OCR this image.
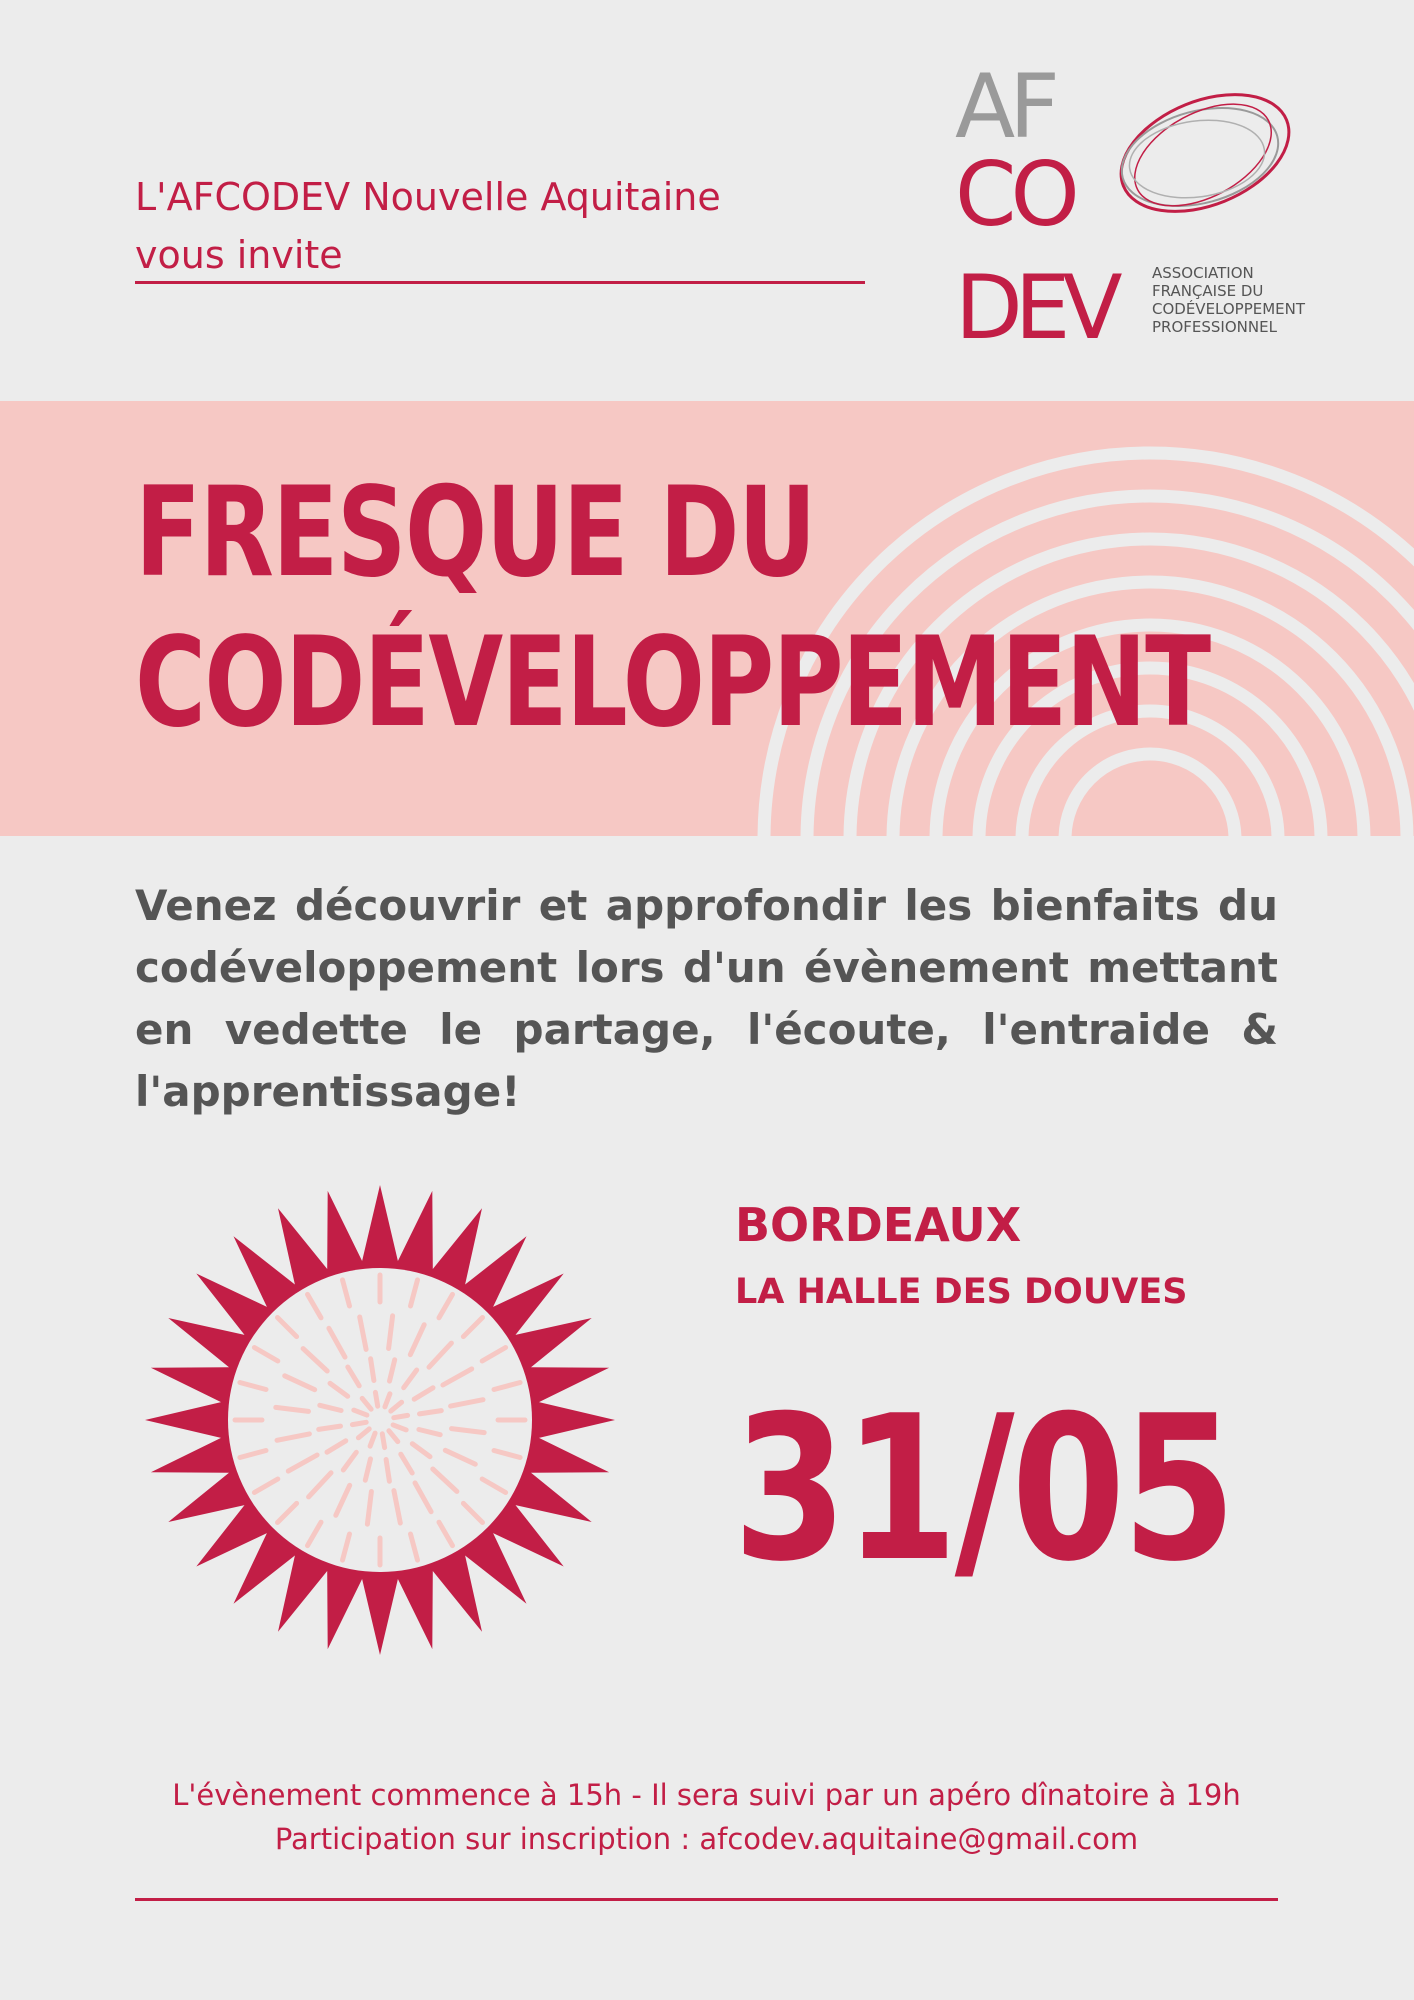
L'AFCODEV Nouvelle Aquitaine
vous invite
AF
CO
DEV	ASSOCIATION
FRANÇAISE DU
CODÉVELOPPEMENT
PROFESSIONNEL
FRESQUE DU
CODÉVELOPPEMENT
Venez découvrir et approfondir les bienfaits du codéveloppement lors d'un évènement mettant en vedette le partage, l'écoute, l'entraide & l'apprentissage!
BORDEAUX
LA HALLE DES DOUVES
31/05
L'évènement commence à 15h - Il sera suivi par un apéro dînatoire à 19h
Participation sur inscription : afcodev.aquitaine@gmail.com
